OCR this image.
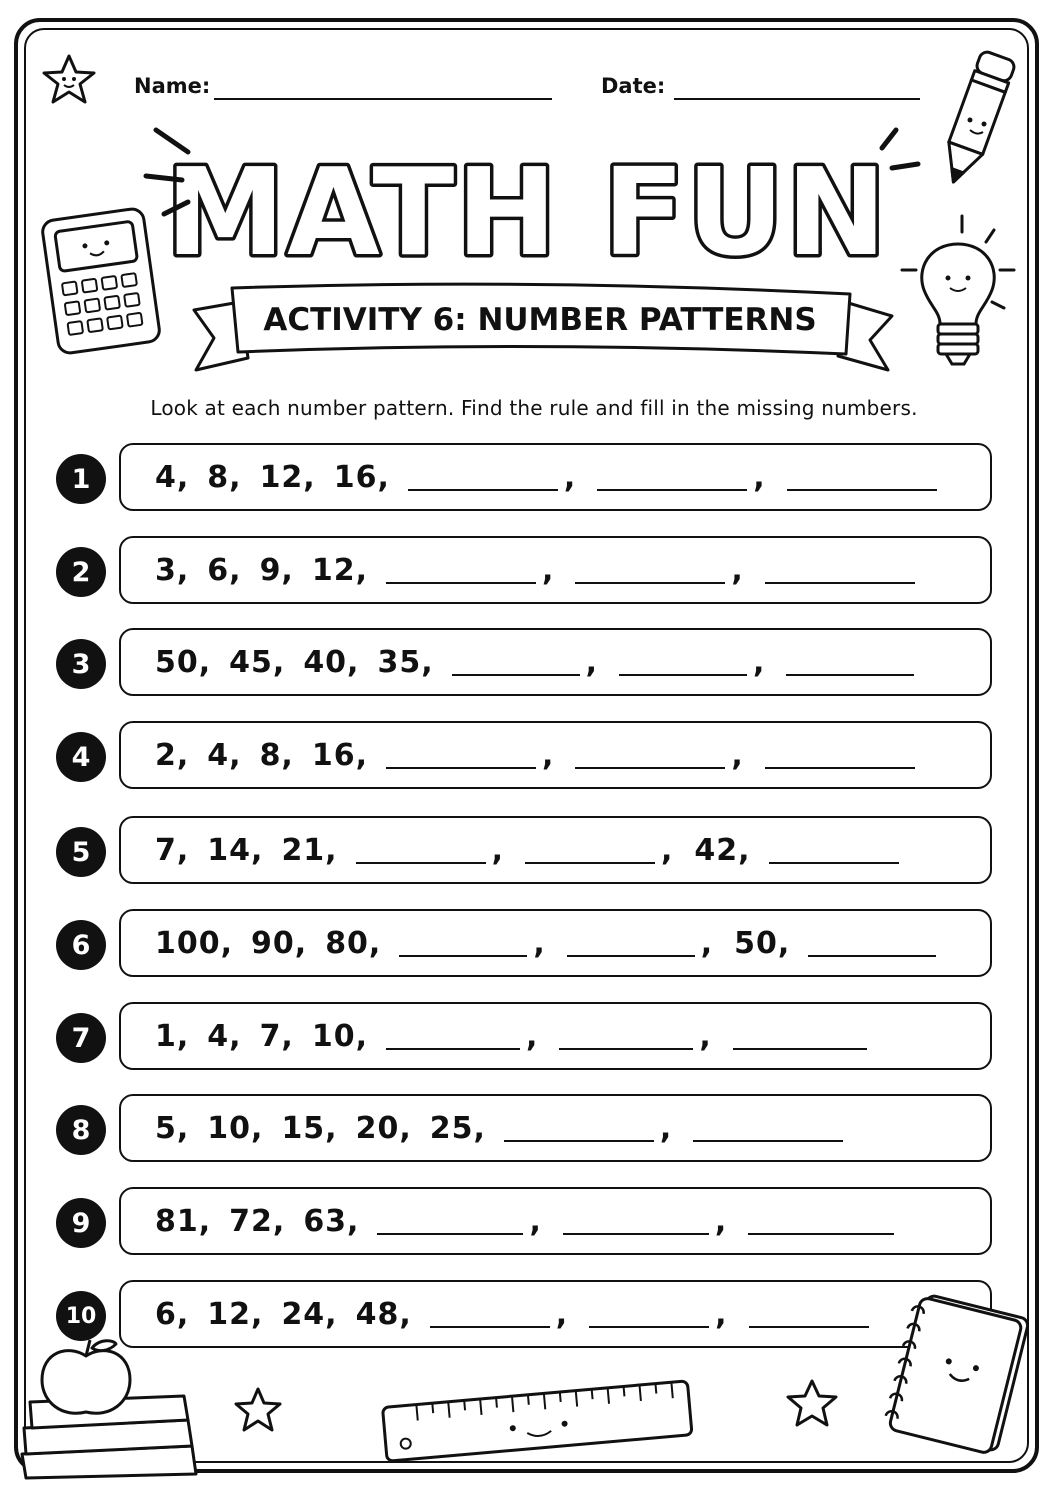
Name:	Date:
MATH FUN
ACTIVITY 6: NUMBER PATTERNS
Look at each number pattern. Find the rule and fill in the missing numbers.
1	4, 8, 12, 16,	,	,
2	3, 6, 9, 12,	,	,
3	50, 45, 40, 35,	,	,
4	2, 4, 8, 16,	,	,
5	7, 14, 21,	,	, 42,
6	100, 90, 80,	,	, 50,
7	1, 4, 7, 10,	,	,
8	5, 10, 15, 20, 25,	,
9	81, 72, 63,	,	,
10	6, 12, 24, 48,	,	,
